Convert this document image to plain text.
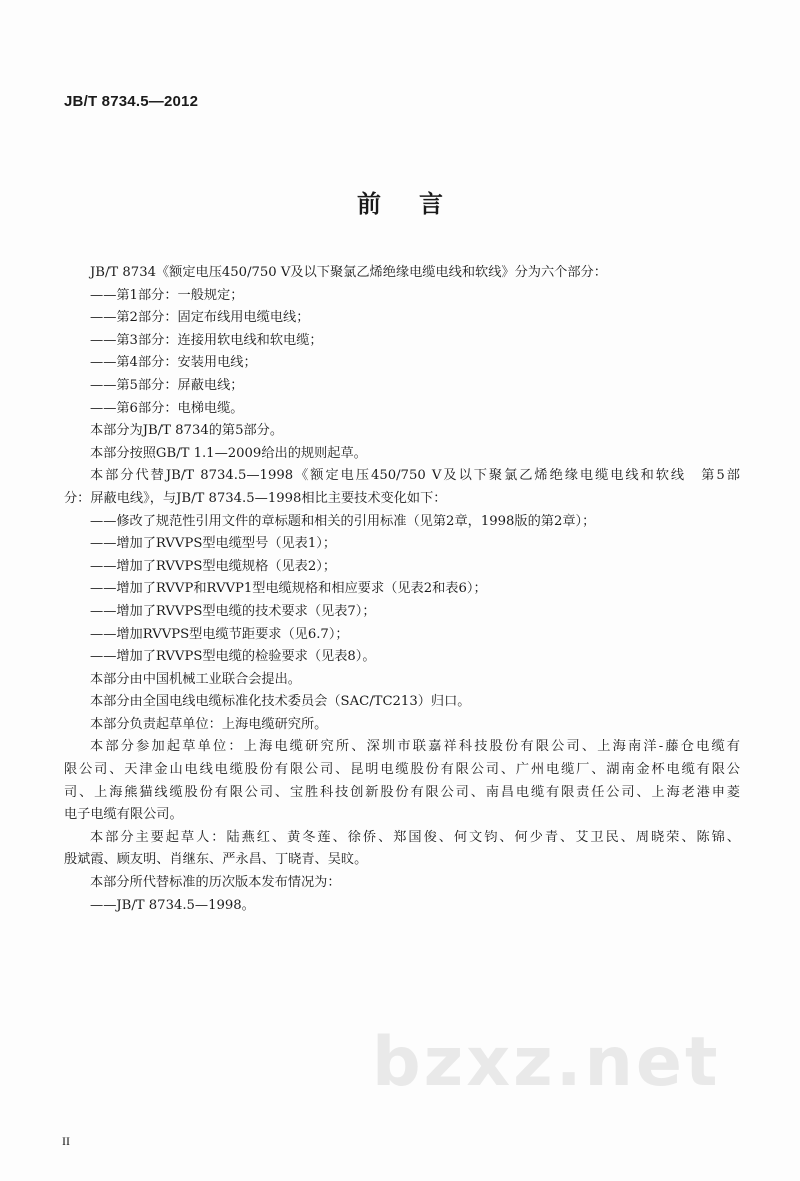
JB/T 8734.5—2012
前言
JB/T 8734《额定电压450/750 V及以下聚氯乙烯绝缘电缆电线和软线》分为六个部分：
——第1部分：一般规定；
——第2部分：固定布线用电缆电线；
——第3部分：连接用软电线和软电缆；
——第4部分：安装用电线；
——第5部分：屏蔽电线；
——第6部分：电梯电缆。
本部分为JB/T 8734的第5部分。
本部分按照GB/T 1.1—2009给出的规则起草。
本部分代替JB/T 8734.5—1998《额定电压450/750 V及以下聚氯乙烯绝缘电缆电线和软线　第5部
分：屏蔽电线》，与JB/T 8734.5—1998相比主要技术变化如下：
——修改了规范性引用文件的章标题和相关的引用标准（见第2章，1998版的第2章）；
——增加了RVVPS型电缆型号（见表1）；
——增加了RVVPS型电缆规格（见表2）；
——增加了RVVP和RVVP1型电缆规格和相应要求（见表2和表6）；
——增加了RVVPS型电缆的技术要求（见表7）；
——增加RVVPS型电缆节距要求（见6.7）；
——增加了RVVPS型电缆的检验要求（见表8）。
本部分由中国机械工业联合会提出。
本部分由全国电线电缆标准化技术委员会（SAC/TC213）归口。
本部分负责起草单位：上海电缆研究所。
本部分参加起草单位：上海电缆研究所、深圳市联嘉祥科技股份有限公司、上海南洋-藤仓电缆有
限公司、天津金山电线电缆股份有限公司、昆明电缆股份有限公司、广州电缆厂、湖南金杯电缆有限公
司、上海熊猫线缆股份有限公司、宝胜科技创新股份有限公司、南昌电缆有限责任公司、上海老港申菱
电子电缆有限公司。
本部分主要起草人：陆燕红、黄冬莲、徐侨、郑国俊、何文钧、何少青、艾卫民、周晓荣、陈锦、
殷斌霞、顾友明、肖继东、严永昌、丁晓青、吴旼。
本部分所代替标准的历次版本发布情况为：
——JB/T 8734.5—1998。
bzxz.net
II
